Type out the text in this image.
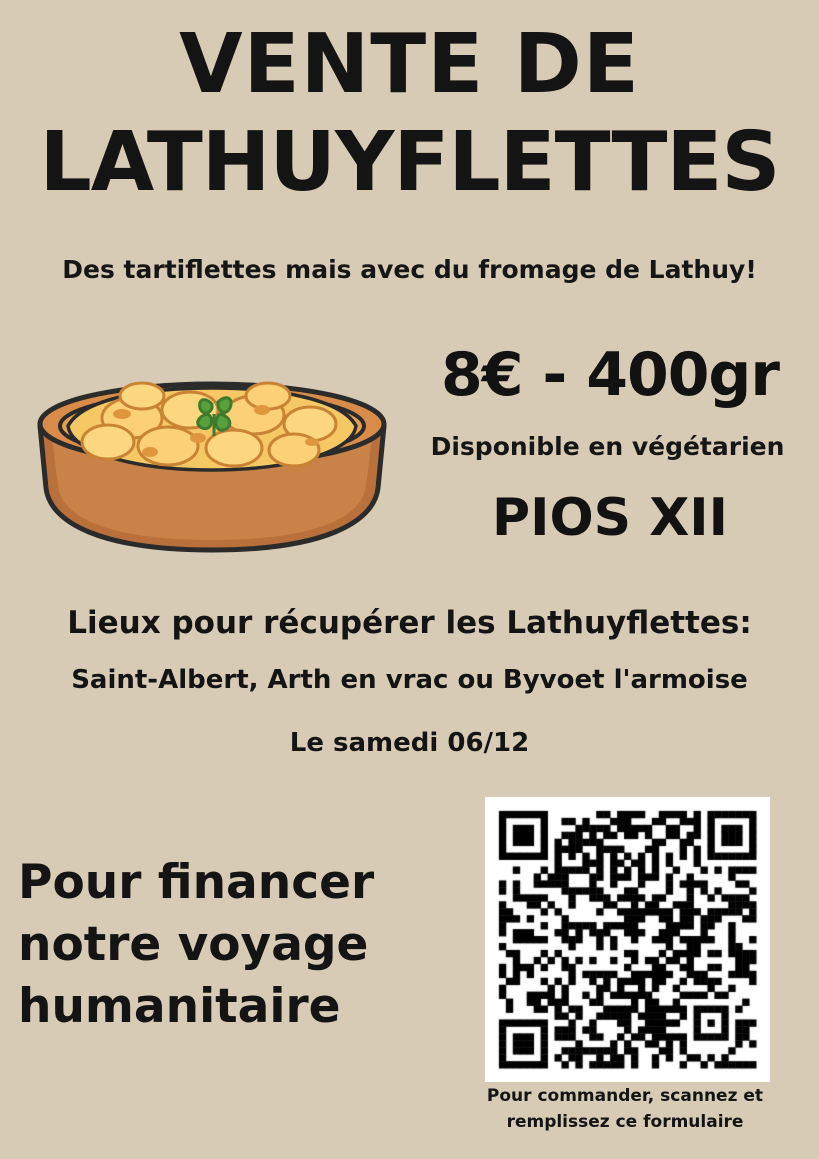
VENTE DE
LATHUYFLETTES
Des tartiflettes mais avec du fromage de Lathuy!
8€ - 400gr
Disponible en végétarien
PIOS XII
Lieux pour récupérer les Lathuyflettes:
Saint-Albert, Arth en vrac ou Byvoet l'armoise
Le samedi 06/12
Pour financer
notre voyage
humanitaire
Pour commander, scannez et
remplissez ce formulaire
